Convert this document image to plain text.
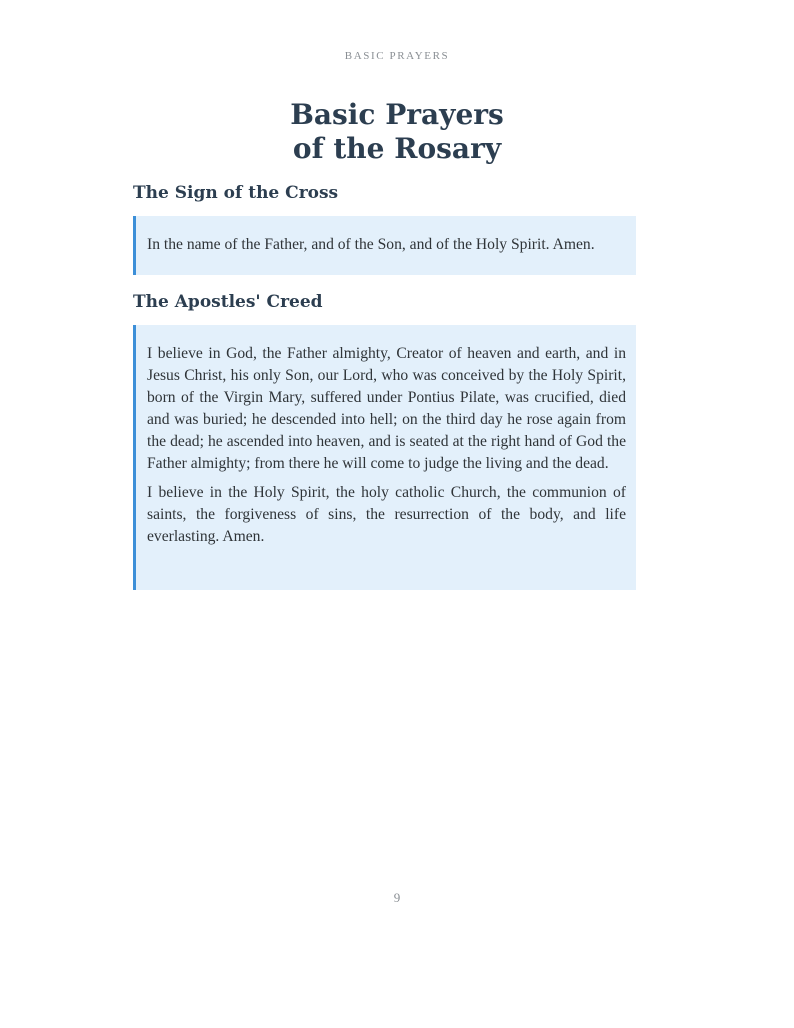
BASIC PRAYERS
Basic Prayers
of the Rosary
The Sign of the Cross

In the name of the Father, and of the Son, and of the Holy Spirit. Amen.

The Apostles' Creed

I believe in God, the Father almighty, Creator of heaven and earth, and in Jesus Christ, his only Son, our Lord, who was conceived by the Holy Spirit, born of the Virgin Mary, suffered under Pontius Pilate, was crucified, died and was buried; he descended into hell; on the third day he rose again from the dead; he ascended into heaven, and is seated at the right hand of God the Father almighty; from there he will come to judge the living and the dead.

I believe in the Holy Spirit, the holy catholic Church, the communion of saints, the forgiveness of sins, the resurrection of the body, and life everlasting. Amen.

9
